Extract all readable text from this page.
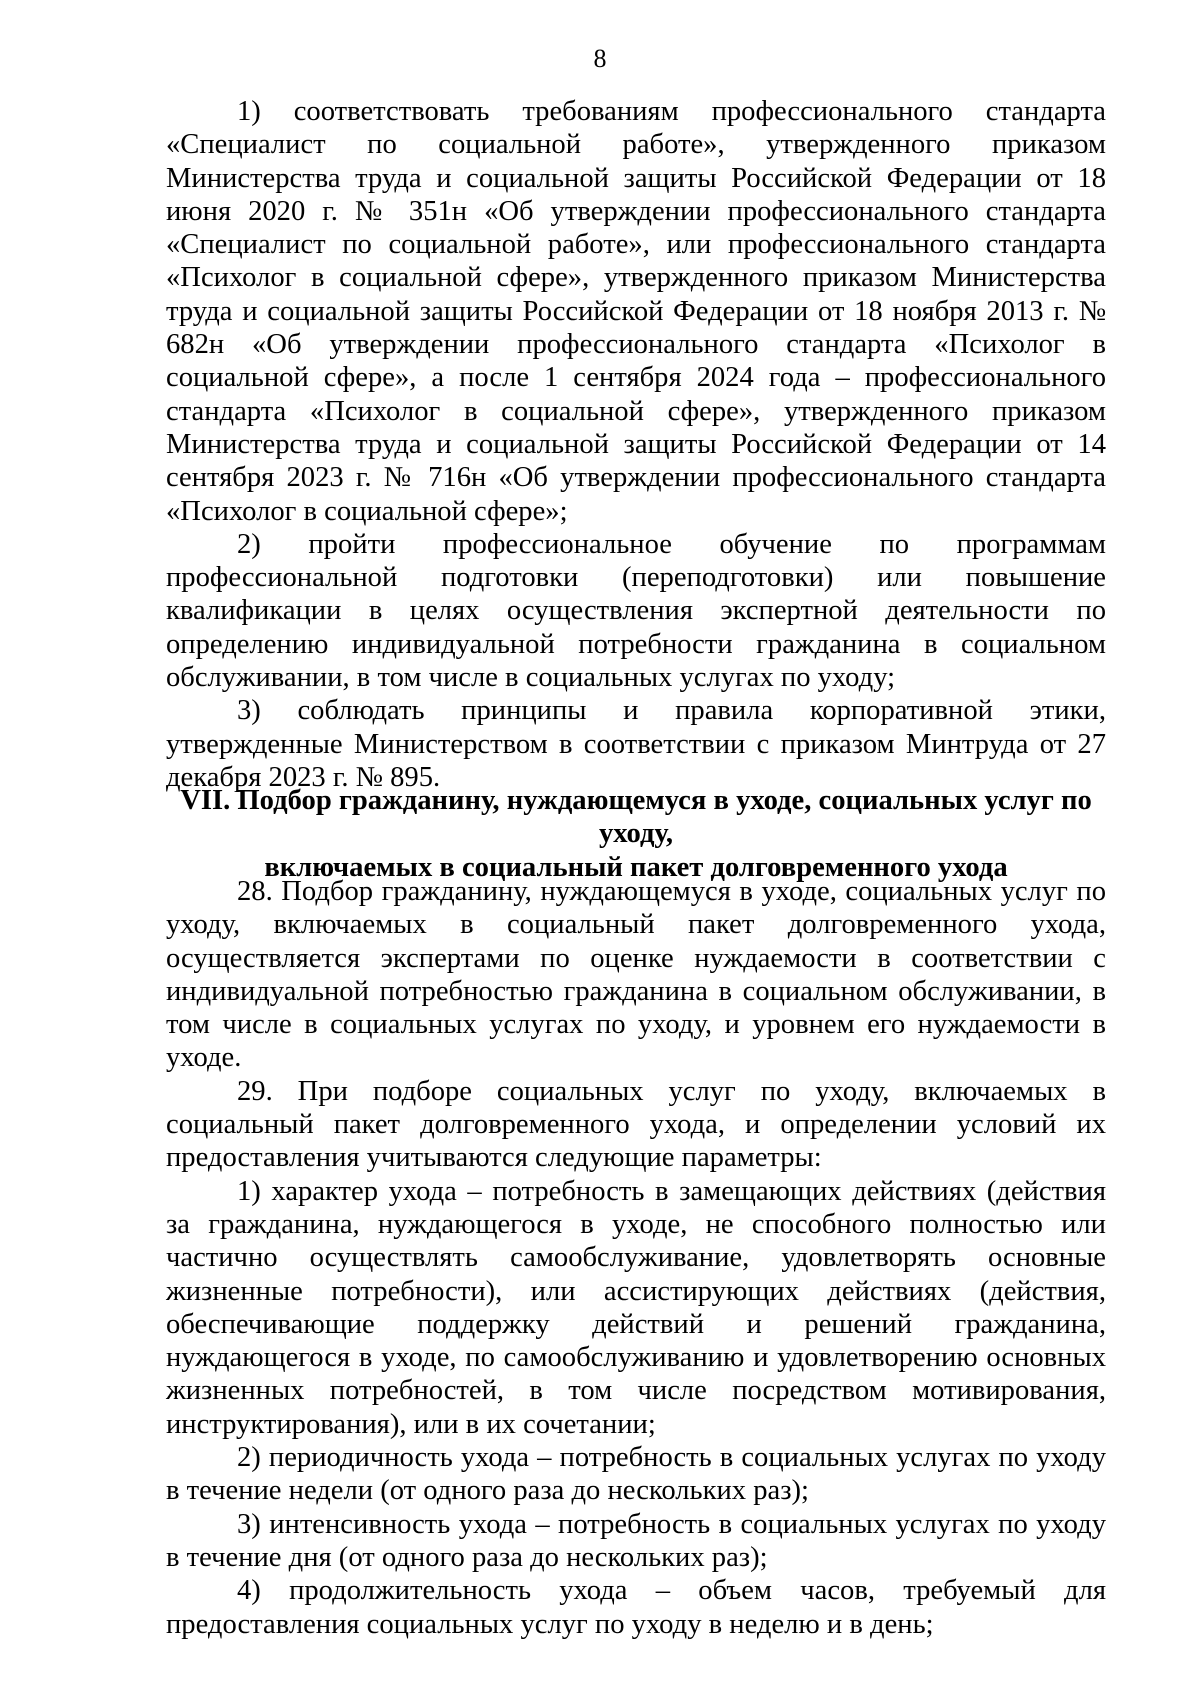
8

1) соответствовать требованиям профессионального стандарта «Специалист по социальной работе», утвержденного приказом Министерства труда и социальной защиты Российской Федерации от 18 июня 2020 г. № 351н «Об утверждении профессионального стандарта «Специалист по социальной работе», или профессионального стандарта «Психолог в социальной сфере», утвержденного приказом Министерства труда и социальной защиты Российской Федерации от 18 ноября 2013 г. № 682н «Об утверждении профессионального стандарта «Психолог в социальной сфере», а после 1 сентября 2024 года – профессионального стандарта «Психолог в социальной сфере», утвержденного приказом Министерства труда и социальной защиты Российской Федерации от 14 сентября 2023 г. № 716н «Об утверждении профессионального стандарта «Психолог в социальной сфере»;

2) пройти профессиональное обучение по программам профессиональной подготовки (переподготовки) или повышение квалификации в целях осуществления экспертной деятельности по определению индивидуальной потребности гражданина в социальном обслуживании, в том числе в социальных услугах по уходу;

3) соблюдать принципы и правила корпоративной этики, утвержденные Министерством в соответствии с приказом Минтруда от 27 декабря 2023 г. № 895.

VII. Подбор гражданину, нуждающемуся в уходе, социальных услуг по уходу,
включаемых в социальный пакет долговременного ухода

28. Подбор гражданину, нуждающемуся в уходе, социальных услуг по уходу, включаемых в социальный пакет долговременного ухода, осуществляется экспертами по оценке нуждаемости в соответствии с индивидуальной потребностью гражданина в социальном обслуживании, в том числе в социальных услугах по уходу, и уровнем его нуждаемости в уходе.

29. При подборе социальных услуг по уходу, включаемых в социальный пакет долговременного ухода, и определении условий их предоставления учитываются следующие параметры:

1) характер ухода – потребность в замещающих действиях (действия за гражданина, нуждающегося в уходе, не способного полностью или частично осуществлять самообслуживание, удовлетворять основные жизненные потребности), или ассистирующих действиях (действия, обеспечивающие поддержку действий и решений гражданина, нуждающегося в уходе, по самообслуживанию и удовлетворению основных жизненных потребностей, в том числе посредством мотивирования, инструктирования), или в их сочетании;

2) периодичность ухода – потребность в социальных услугах по уходу в течение недели (от одного раза до нескольких раз);

3) интенсивность ухода – потребность в социальных услугах по уходу в течение дня (от одного раза до нескольких раз);

4) продолжительность ухода – объем часов, требуемый для предоставления социальных услуг по уходу в неделю и в день;
